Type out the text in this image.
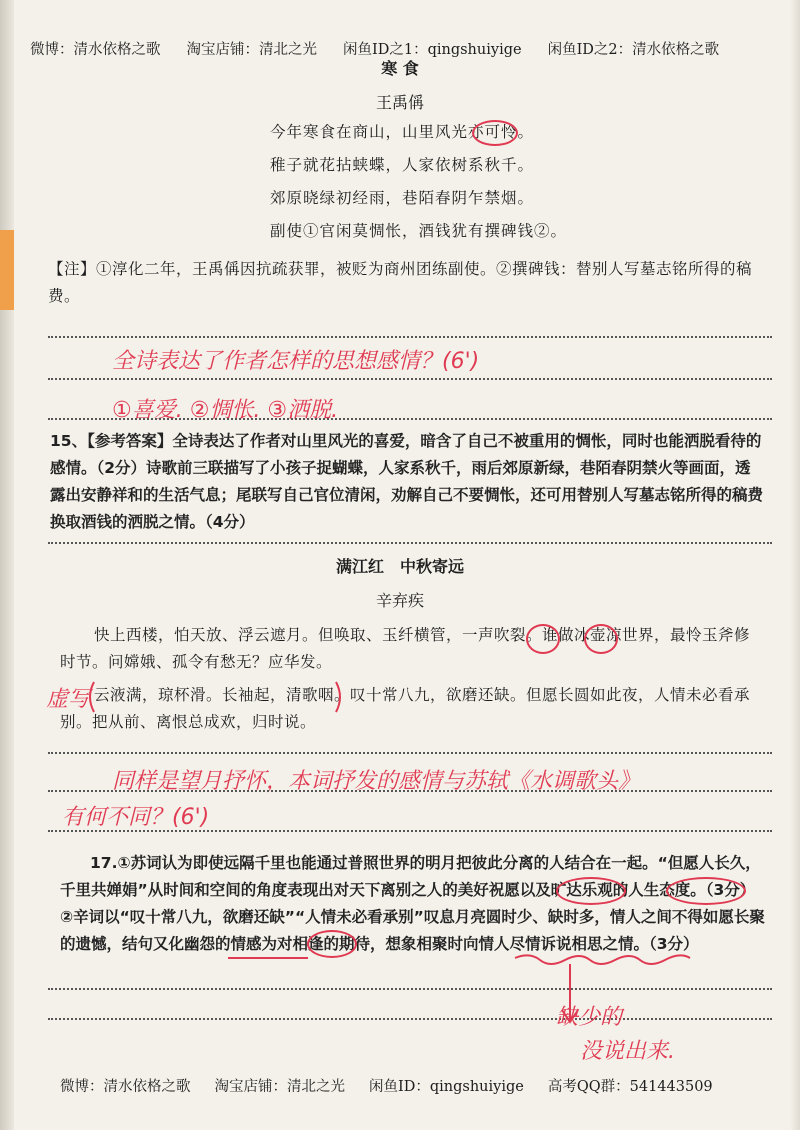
微博：清水依格之歌 淘宝店铺：清北之光 闲鱼ID之1：qingshuiyige 闲鱼ID之2：清水依格之歌
寒 食
王禹偁
今年寒食在商山，山里风光亦可怜。
稚子就花拈蛱蝶，人家依树系秋千。
郊原晓绿初经雨，巷陌春阴乍禁烟。
副使①官闲莫惆怅，酒钱犹有撰碑钱②。
【注】①淳化二年，王禹偁因抗疏获罪，被贬为商州团练副使。②撰碑钱：替别人写墓志铭所得的稿费。
全诗表达了作者怎样的思想感情？(6')
①喜爱. ②惆怅. ③洒脱.
15、【参考答案】全诗表达了作者对山里风光的喜爱，暗含了自己不被重用的惆怅，同时也能洒脱看待的感情。（2分）诗歌前三联描写了小孩子捉蝴蝶，人家系秋千，雨后郊原新绿，巷陌春阴禁火等画面，透露出安静祥和的生活气息；尾联写自己官位清闲，劝解自己不要惆怅，还可用替别人写墓志铭所得的稿费换取酒钱的洒脱之情。（4分）
满江红　中秋寄远
辛弃疾
快上西楼，怕天放、浮云遮月。但唤取、玉纤横管，一声吹裂。谁做冰壶凉世界，最怜玉斧修时节。问嫦娥、孤令有愁无？应华发。
虚写 云液满，琼杯滑。长袖起，清歌咽。叹十常八九，欲磨还缺。但愿长圆如此夜，人情未必看承别。把从前、离恨总成欢，归时说。
同样是望月抒怀，本词抒发的感情与苏轼《水调歌头》
有何不同？(6')
17.①苏词认为即使远隔千里也能通过普照世界的明月把彼此分离的人结合在一起。“但愿人长久，千里共婵娟”从时间和空间的角度表现出对天下离别之人的美好祝愿以及旷达乐观的人生态度。（3分）②辛词以“叹十常八九，欲磨还缺”“人情未必看承别”叹息月亮圆时少、缺时多，情人之间不得如愿长聚的遗憾，结句又化幽怨的情感为对相逢的期待，想象相聚时向情人尽情诉说相思之情。（3分）
缺少的
没说出来.
微博：清水依格之歌 淘宝店铺：清北之光 闲鱼ID：qingshuiyige 高考QQ群：541443509
